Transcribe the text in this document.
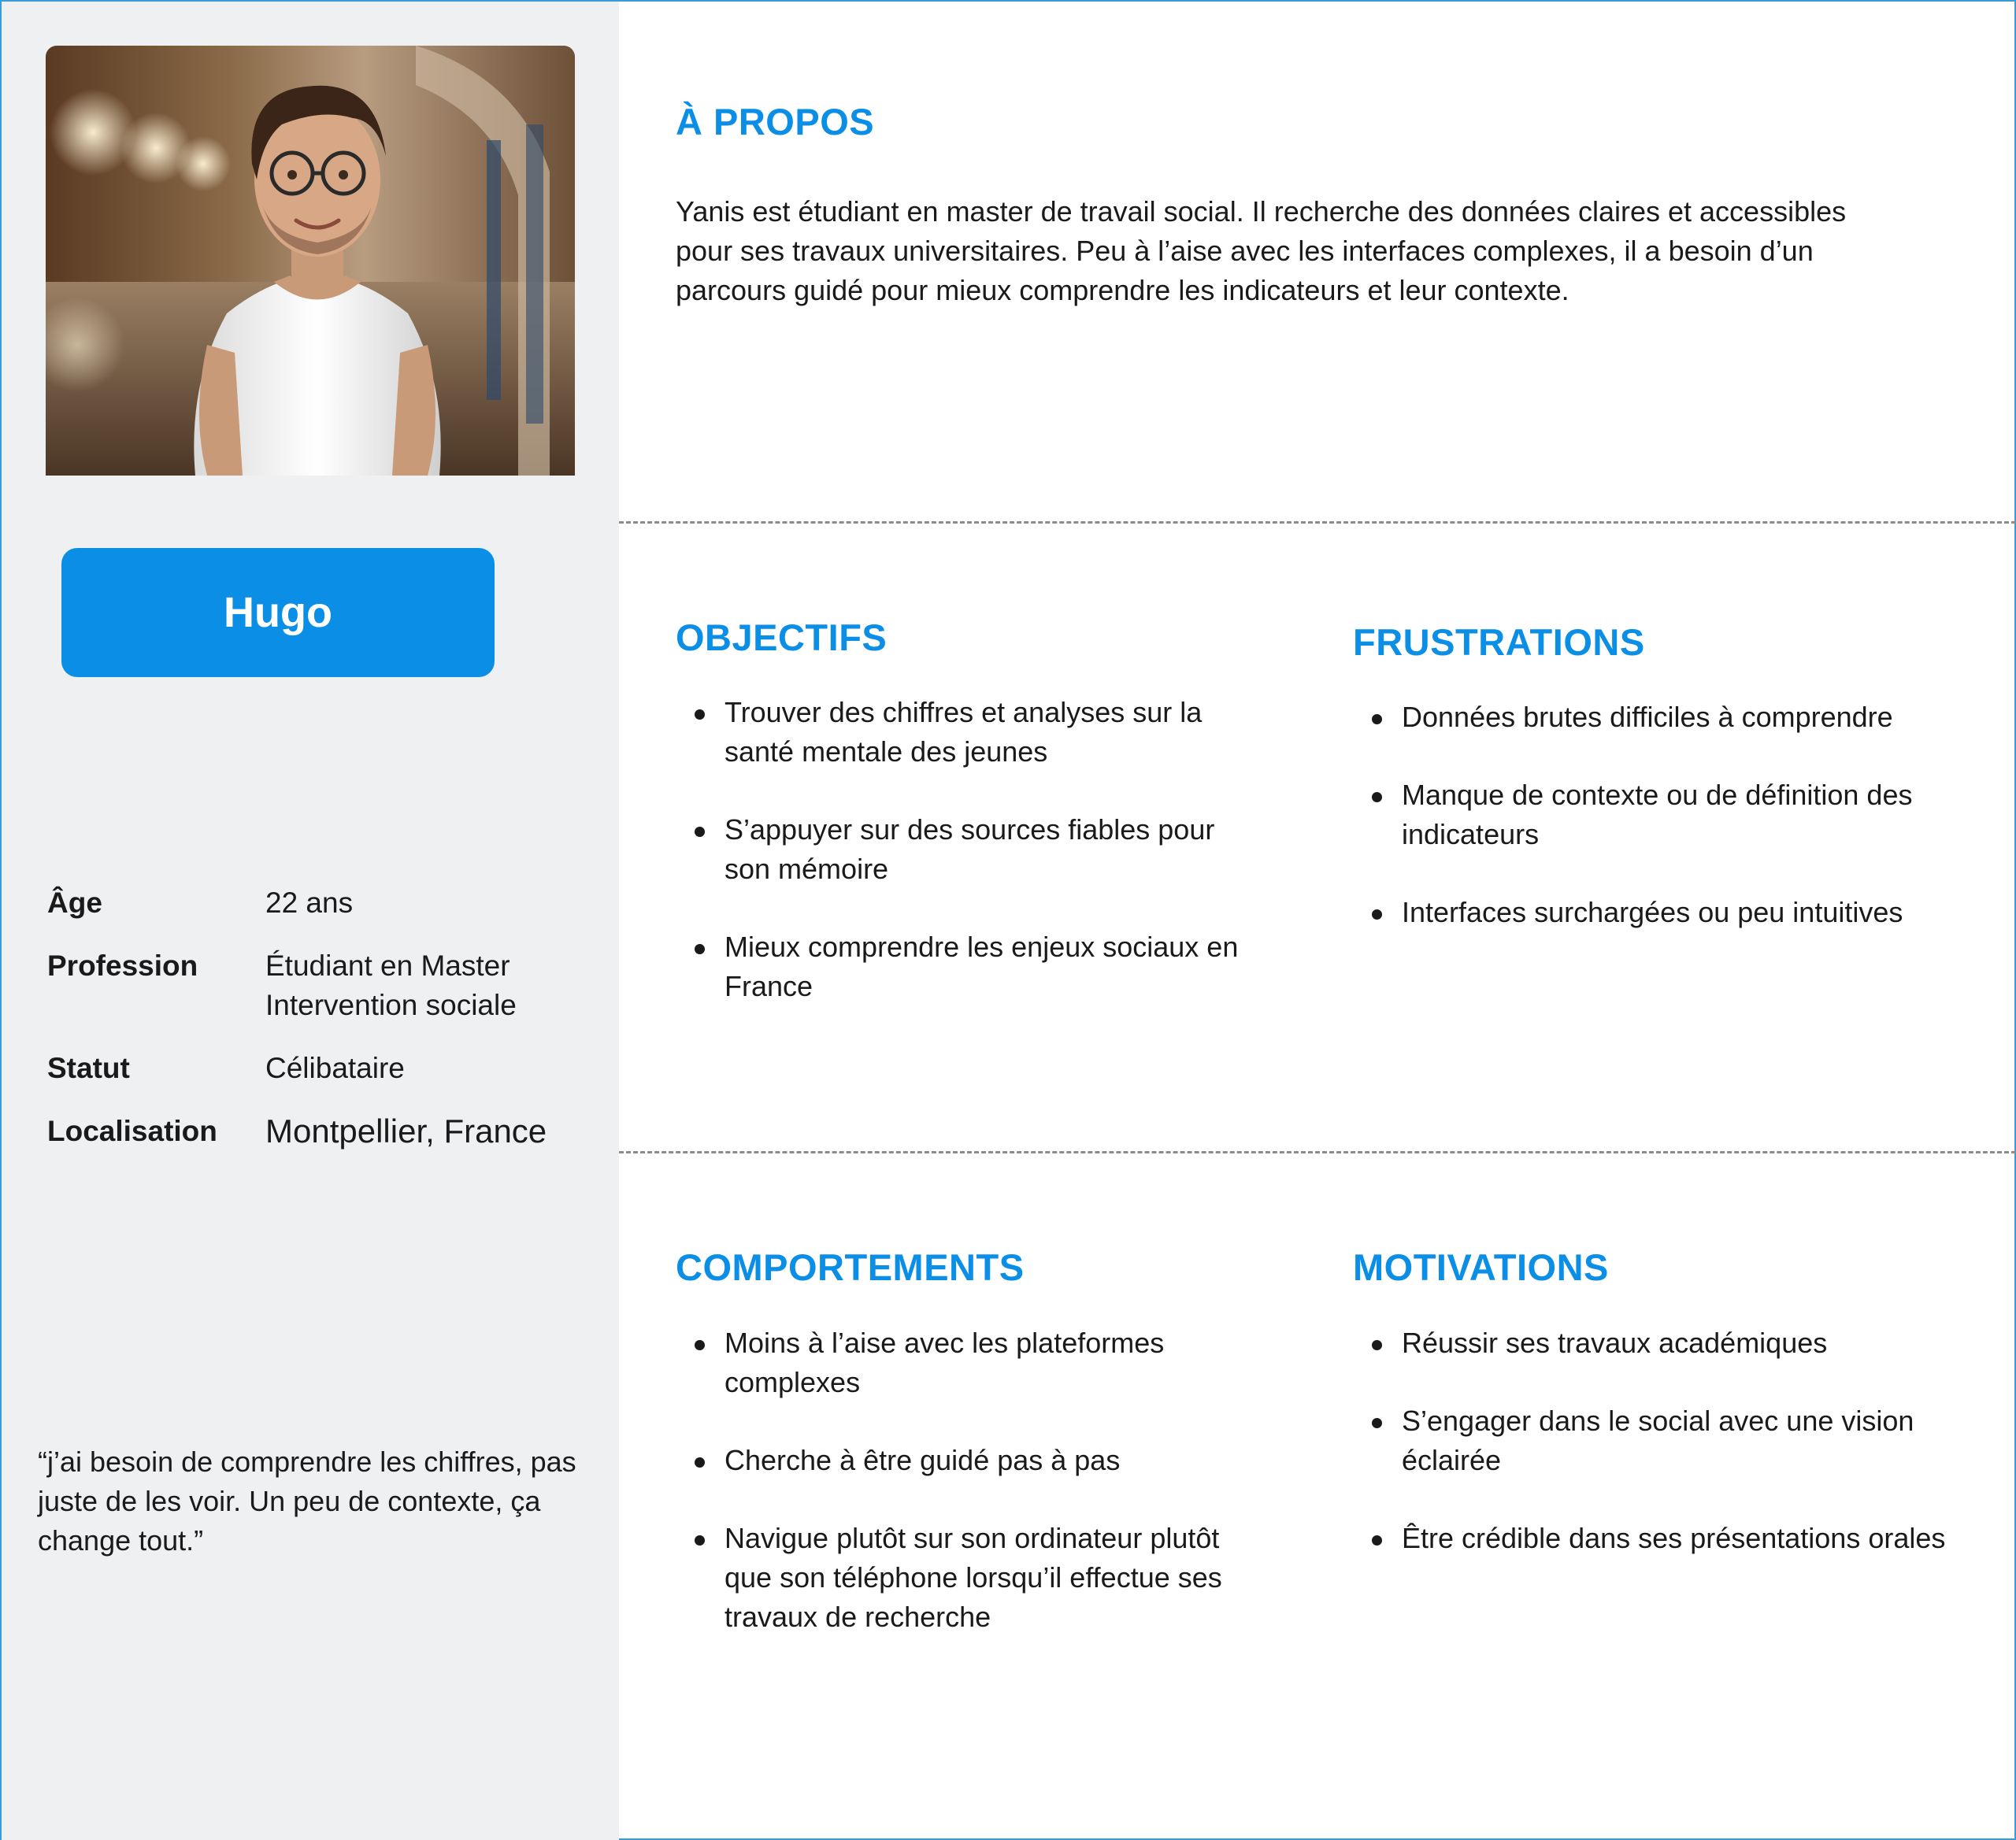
Hugo
Âge	22 ans
Profession	Étudiant en Master Intervention sociale
Statut	Célibataire
Localisation	Montpellier, France
“j’ai besoin de comprendre les chiffres, pas juste de les voir. Un peu de contexte, ça change tout.”
À PROPOS
Yanis est étudiant en master de travail social. Il recherche des données claires et accessibles pour ses travaux universitaires. Peu à l’aise avec les interfaces complexes, il a besoin d’un parcours guidé pour mieux comprendre les indicateurs et leur contexte.
OBJECTIFS
Trouver des chiffres et analyses sur la santé mentale des jeunes
S’appuyer sur des sources fiables pour son mémoire
Mieux comprendre les enjeux sociaux en France
FRUSTRATIONS
Données brutes difficiles à comprendre
Manque de contexte ou de définition des indicateurs
Interfaces surchargées ou peu intuitives
COMPORTEMENTS
Moins à l’aise avec les plateformes complexes
Cherche à être guidé pas à pas
Navigue plutôt sur son ordinateur plutôt que son téléphone lorsqu’il effectue ses travaux de recherche
MOTIVATIONS
Réussir ses travaux académiques
S’engager dans le social avec une vision éclairée
Être crédible dans ses présentations orales
